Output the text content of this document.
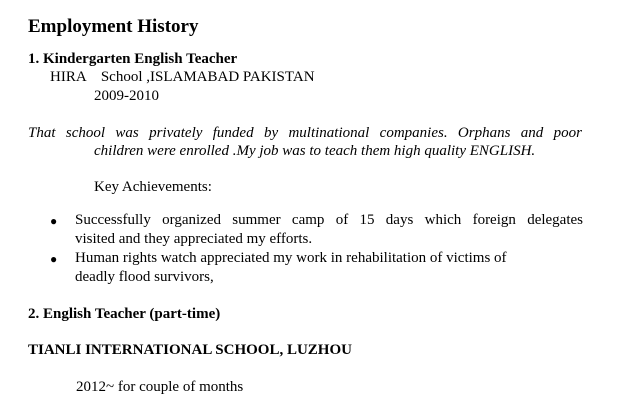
Employment History
1. Kindergarten English Teacher
HIRA    School ,ISLAMABAD PAKISTAN
2009-2010
That school was privately funded by multinational companies. Orphans and poor
children were enrolled .My job was to teach them high quality ENGLISH.
Key Achievements:
● Successfully organized summer camp of 15 days which foreign delegates
visited and they appreciated my efforts.
● Human rights watch appreciated my work in rehabilitation of victims of
deadly flood survivors,
2. English Teacher (part-time)
TIANLI INTERNATIONAL SCHOOL, LUZHOU
2012~ for couple of months
